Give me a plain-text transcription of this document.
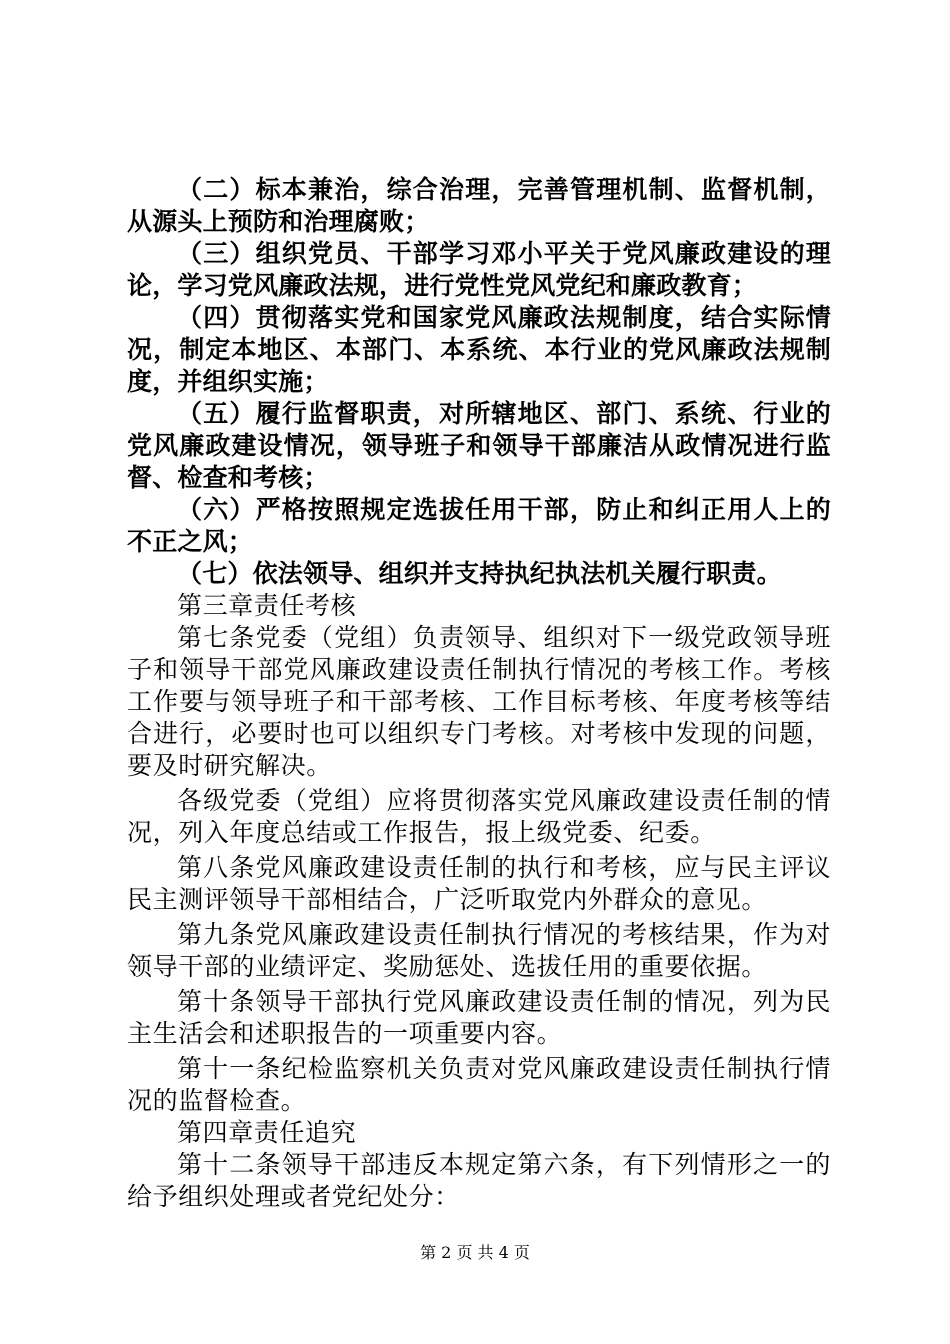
（二）标本兼治，综合治理，完善管理机制、监督机制，从源头上预防和治理腐败；

（三）组织党员、干部学习邓小平关于党风廉政建设的理论，学习党风廉政法规，进行党性党风党纪和廉政教育；

（四）贯彻落实党和国家党风廉政法规制度，结合实际情况，制定本地区、本部门、本系统、本行业的党风廉政法规制度，并组织实施；

（五）履行监督职责，对所辖地区、部门、系统、行业的党风廉政建设情况，领导班子和领导干部廉洁从政情况进行监督、检查和考核；

（六）严格按照规定选拔任用干部，防止和纠正用人上的不正之风；

（七）依法领导、组织并支持执纪执法机关履行职责。

第三章责任考核

第七条党委（党组）负责领导、组织对下一级党政领导班子和领导干部党风廉政建设责任制执行情况的考核工作。考核工作要与领导班子和干部考核、工作目标考核、年度考核等结合进行，必要时也可以组织专门考核。对考核中发现的问题，要及时研究解决。

各级党委（党组）应将贯彻落实党风廉政建设责任制的情况，列入年度总结或工作报告，报上级党委、纪委。

第八条党风廉政建设责任制的执行和考核，应与民主评议民主测评领导干部相结合，广泛听取党内外群众的意见。

第九条党风廉政建设责任制执行情况的考核结果，作为对领导干部的业绩评定、奖励惩处、选拔任用的重要依据。

第十条领导干部执行党风廉政建设责任制的情况，列为民主生活会和述职报告的一项重要内容。

第十一条纪检监察机关负责对党风廉政建设责任制执行情况的监督检查。

第四章责任追究

第十二条领导干部违反本规定第六条，有下列情形之一的给予组织处理或者党纪处分：

第 2 页 共 4 页
